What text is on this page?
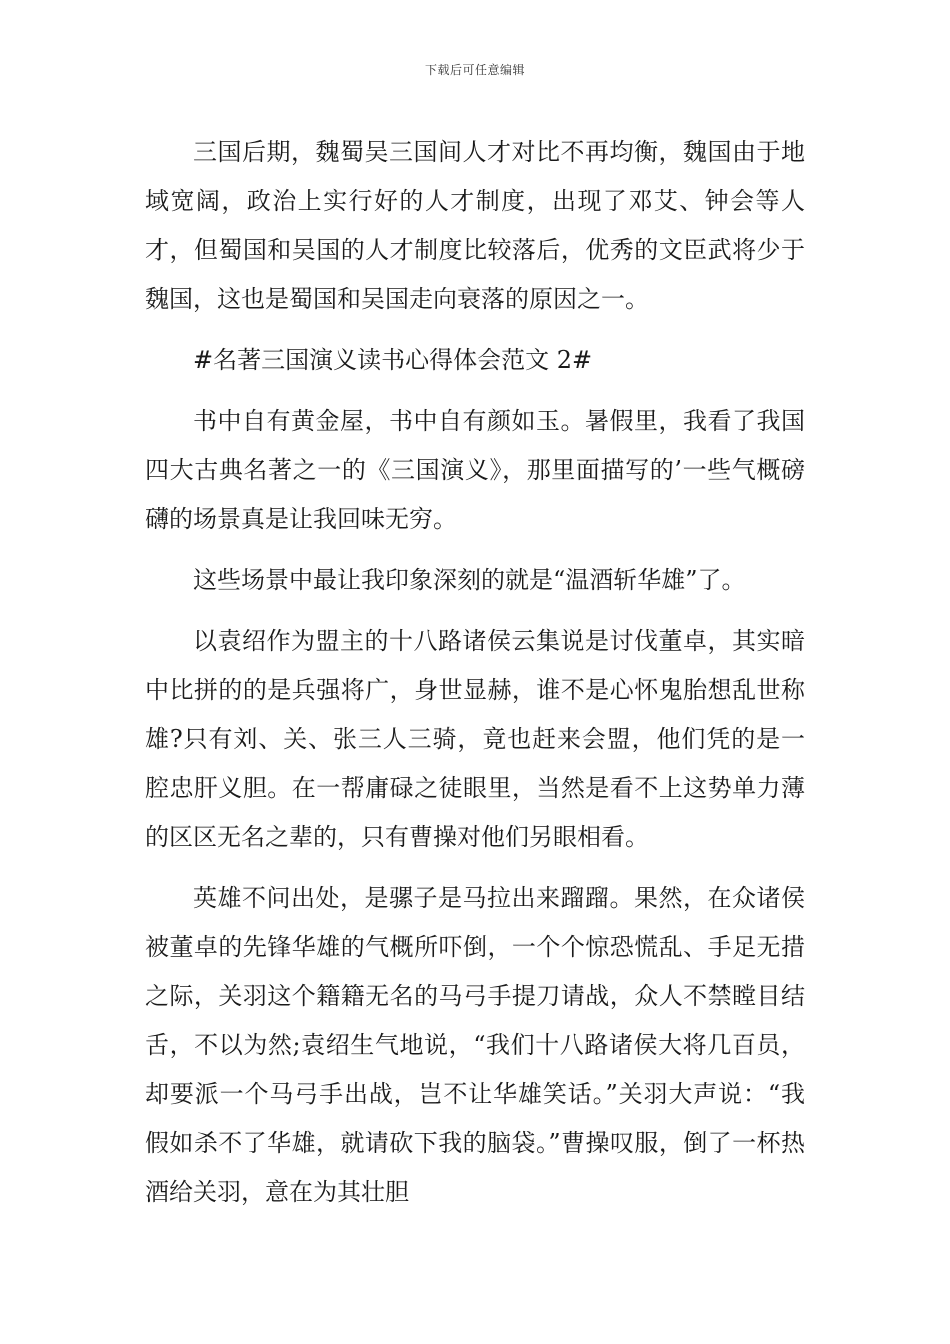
下载后可任意编辑

三国后期，魏蜀吴三国间人才对比不再均衡，魏国由于地域宽阔，政治上实行好的人才制度，出现了邓艾、钟会等人才，但蜀国和吴国的人才制度比较落后，优秀的文臣武将少于魏国，这也是蜀国和吴国走向衰落的原因之一。

#名著三国演义读书心得体会范文 2#

书中自有黄金屋，书中自有颜如玉。暑假里，我看了我国四大古典名著之一的《三国演义》，那里面描写的’一些气概磅礴的场景真是让我回味无穷。

这些场景中最让我印象深刻的就是“温酒斩华雄”了。

以袁绍作为盟主的十八路诸侯云集说是讨伐董卓，其实暗中比拼的的是兵强将广，身世显赫，谁不是心怀鬼胎想乱世称雄?只有刘、关、张三人三骑，竟也赶来会盟，他们凭的是一腔忠肝义胆。在一帮庸碌之徒眼里，当然是看不上这势单力薄的区区无名之辈的，只有曹操对他们另眼相看。

英雄不问出处，是骡子是马拉出来蹓蹓。果然，在众诸侯被董卓的先锋华雄的气概所吓倒，一个个惊恐慌乱、手足无措之际，关羽这个籍籍无名的马弓手提刀请战，众人不禁瞠目结舌，不以为然;袁绍生气地说，“我们十八路诸侯大将几百员，却要派一个马弓手出战，岂不让华雄笑话。”关羽大声说：“我假如杀不了华雄，就请砍下我的脑袋。”曹操叹服，倒了一杯热酒给关羽，意在为其壮胆
